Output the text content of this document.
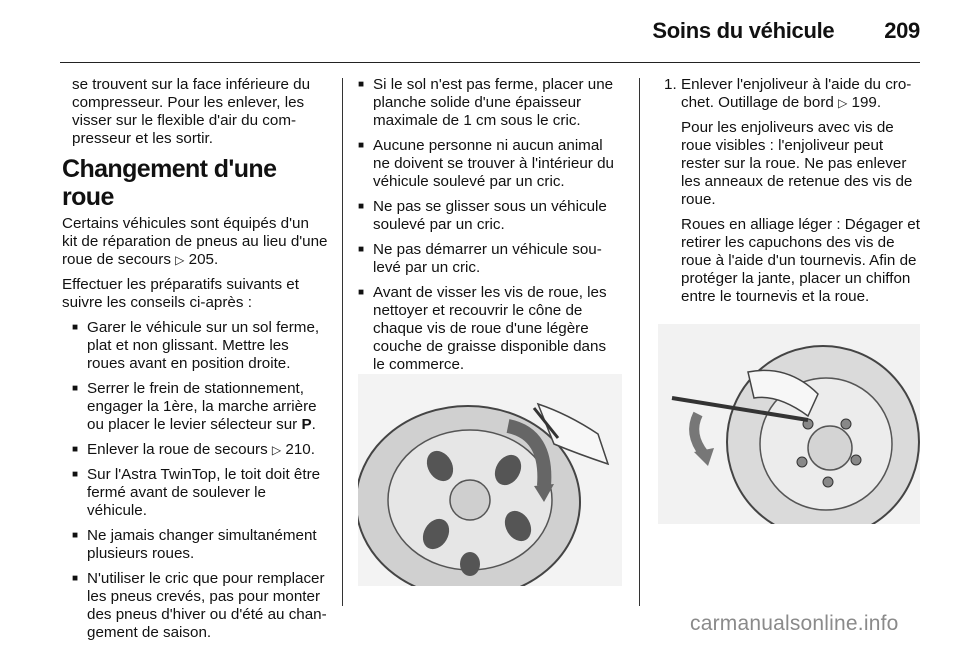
Soins du véhicule 209

se trouvent sur la face inférieure du compresseur. Pour les enlever, les visser sur le flexible d'air du com-presseur et les sortir.

Changement d'une roue

Certains véhicules sont équipés d'un kit de réparation de pneus au lieu d'une roue de secours ▷ 205.

Effectuer les préparatifs suivants et suivre les conseils ci-après :

■ Garer le véhicule sur un sol ferme, plat et non glissant. Mettre les roues avant en position droite.
■ Serrer le frein de stationnement, engager la 1ère, la marche arrière ou placer le levier sélecteur sur P.
■ Enlever la roue de secours ▷ 210.
■ Sur l'Astra TwinTop, le toit doit être fermé avant de soulever le véhicule.
■ Ne jamais changer simultanément plusieurs roues.
■ N'utiliser le cric que pour remplacer les pneus crevés, pas pour monter des pneus d'hiver ou d'été au chan-gement de saison.
■ Si le sol n'est pas ferme, placer une planche solide d'une épaisseur maximale de 1 cm sous le cric.
■ Aucune personne ni aucun animal ne doivent se trouver à l'intérieur du véhicule soulevé par un cric.
■ Ne pas se glisser sous un véhicule soulevé par un cric.
■ Ne pas démarrer un véhicule sou-levé par un cric.
■ Avant de visser les vis de roue, les nettoyer et recouvrir le cône de chaque vis de roue d'une légère couche de graisse disponible dans le commerce.
1. Enlever l'enjoliveur à l'aide du cro-chet. Outillage de bord ▷ 199.

Pour les enjoliveurs avec vis de roue visibles : l'enjoliveur peut rester sur la roue. Ne pas enlever les anneaux de retenue des vis de roue.

Roues en alliage léger : Dégager et retirer les capuchons des vis de roue à l'aide d'un tournevis. Afin de protéger la jante, placer un chiffon entre le tournevis et la roue.

carmanualsonline.info
